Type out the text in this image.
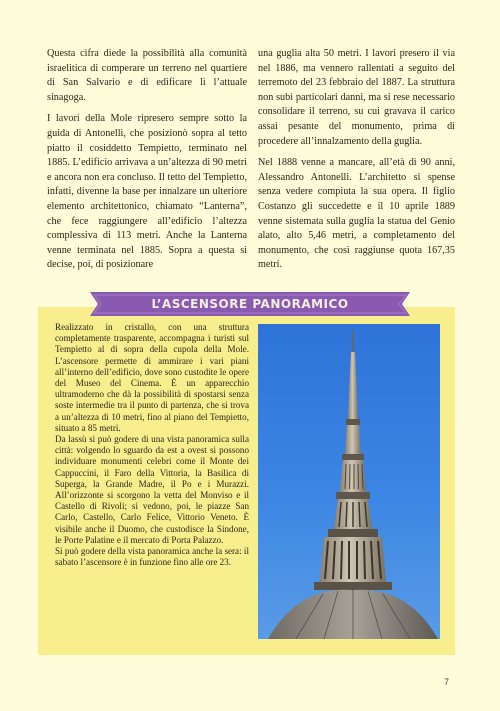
Questa cifra diede la possibilità alla comunità israelitica di comperare un terreno nel quartiere di San Salvario e di edificare lì l’attuale sinagoga.

I lavori della Mole ripresero sempre sotto la guida di Antonelli, che posizionò sopra al tetto piatto il cosiddetto Tempietto, terminato nel 1885. L’edificio arrivava a un’altezza di 90 metri e ancora non era concluso. Il tetto del Tempietto, infatti, divenne la base per innalzare un ulteriore elemento architettonico, chiamato “Lanterna”, che fece raggiungere all’edificio l’altezza complessiva di 113 metri. Anche la Lanterna venne terminata nel 1885. Sopra a questa si decise, poi, di posizionare

una guglia alta 50 metri. I lavori presero il via nel 1886, ma vennero rallentati a seguito del terremoto del 23 febbraio del 1887. La struttura non subì particolari danni, ma si rese necessario consolidare il terreno, su cui gravava il carico assai pesante del monumento, prima di procedere all’innalzamento della guglia.

Nel 1888 venne a mancare, all’età di 90 anni, Alessandro Antonelli. L’architetto si spense senza vedere compiuta la sua opera. Il figlio Costanzo gli succedette e il 10 aprile 1889 venne sistemata sulla guglia la statua del Genio alato, alto 5,46 metri, a completamento del monumento, che così raggiunse quota 167,35 metri.

L’ASCENSORE PANORAMICO

Realizzato in cristallo, con una struttura completamente trasparente, accompagna i turisti sul Tempietto al di sopra della cupola della Mole. L’ascensore permette di ammirare i vari piani all’interno dell’edificio, dove sono custodite le opere del Museo del Cinema. È un apparecchio ultramoderno che dà la possibilità di spostarsi senza soste intermedie tra il punto di partenza, che si trova a un’altezza di 10 metri, fino al piano del Tempietto, situato a 85 metri.

Da lassù si può godere di una vista panoramica sulla città: volgendo lo sguardo da est a ovest si possono individuare monumenti celebri come il Monte dei Cappuccini, il Faro della Vittoria, la Basilica di Superga, la Grande Madre, il Po e i Murazzi. All’orizzonte si scorgono la vetta del Monviso e il Castello di Rivoli; si vedono, poi, le piazze San Carlo, Castello, Carlo Felice, Vittorio Veneto. È visibile anche il Duomo, che custodisce la Sindone, le Porte Palatine e il mercato di Porta Palazzo.

Si può godere della vista panoramica anche la sera: il sabato l’ascensore è in funzione fino alle ore 23.

7
